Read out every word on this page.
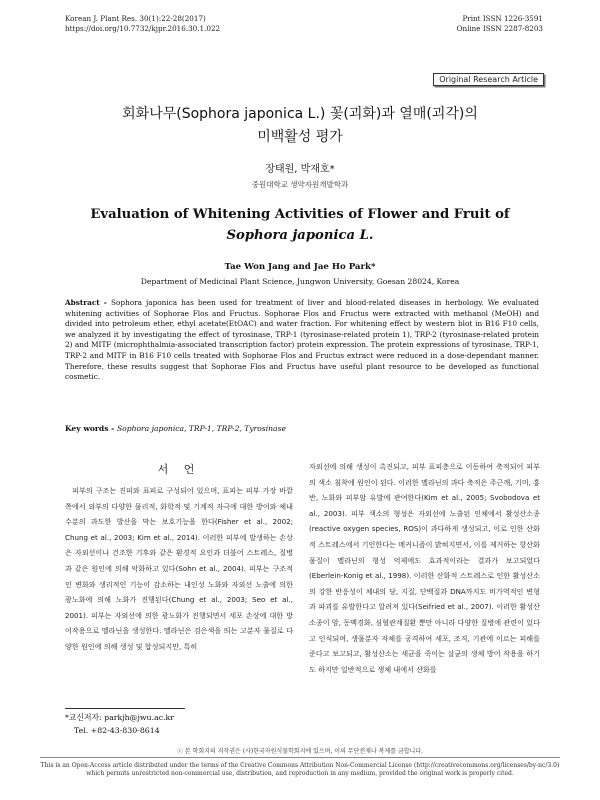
Korean J. Plant Res. 30(1):22-28(2017)
https://doi.org/10.7732/kjpr.2016.30.1.022
Print ISSN 1226-3591
Online ISSN 2287-8203
Original Research Article
회화나무(Sophora japonica L.) 꽃(괴화)과 열매(괴각)의
미백활성 평가
장태원, 박재호*
중원대학교 생약자원개발학과
Evaluation of Whitening Activities of Flower and Fruit of
Sophora japonica L.
Tae Won Jang and Jae Ho Park*
Department of Medicinal Plant Science, Jungwon University, Goesan 28024, Korea
Abstract - Sophora japonica has been used for treatment of liver and blood-related diseases in herbology. We evaluated whitening activities of Sophorae Flos and Fructus. Sophorae Flos and Fructus were extracted with methanol (MeOH) and divided into petroleum ether, ethyl acetate(EtOAC) and water fraction. For whitening effect by western blot in B16 F10 cells, we analyzed it by investigating the effect of tyrosinase, TRP-1 (tyrosinase-related protein 1), TRP-2 (tyrosinase-related protein 2) and MITF (microphthalmia-associated transcription factor) protein expression. The protein expressions of tyrosinase, TRP-1, TRP-2 and MITF in B16 F10 cells treated with Sophorae Flos and Fructus extract were reduced in a dose-dependant manner. Therefore, these results suggest that Sophorae Flos and Fructus have useful plant resource to be developed as functional cosmetic.
Key words - Sophora japonica, TRP-1, TRP-2, Tyrosinase
서 언

피부의 구조는 진피와 표피로 구성되어 있으며, 표피는 피부 가장 바깥쪽에서 외부의 다양한 물리적, 화학적 및 기계적 자극에 대한 방어와 체내 수분의 과도한 발산을 막는 보호기능을 한다(Fisher et al., 2002; Chung et al., 2003; Kim et al., 2014). 이러한 피부에 발생하는 손상은 자외선이나 건조한 기후와 같은 환경적 요인과 더불어 스트레스, 질병과 같은 원인에 의해 악화하고 있다(Sohn et al., 2004). 피부는 구조적인 변화와 생리적인 기능이 감소하는 내인성 노화와 자외선 노출에 의한 광노화에 의해 노화가 진행된다(Chung et al., 2003; Seo et al., 2001). 피부는 자외선에 의한 광노화가 진행되면서 세포 손상에 대한 방어작용으로 멜라닌을 생성한다. 멜라닌은 검은색을 띄는 고분자 물질로 다양한 원인에 의해 생성 및 합성되지만, 특히

자외선에 의해 생성이 촉진되고, 피부 표피층으로 이동하여 축적되어 피부의 색소 침착에 원인이 된다. 이러한 멜라닌의 과다 축적은 주근깨, 기미, 홍반, 노화와 피부암 유발에 관여한다(Kim et al., 2005; Svobodova et al., 2003). 피부 색소의 형성은 자외선에 노출된 인체에서 활성산소종(reactive oxygen species, ROS)이 과다하게 생성되고, 이로 인한 산화적 스트레스에서 기인한다는 메커니즘이 밝혀지면서, 이를 제거하는 항산화 물질이 멜라닌의 형성 억제에도 효과적이라는 결과가 보고되었다(Eberlein-Konig et al., 1998). 이러한 산화적 스트레스로 인한 활성산소의 강한 반응성이 체내의 당, 지질, 단백질과 DNA까지도 비가역적인 변형과 파괴를 유발한다고 알려져 있다(Seifried et al., 2007). 이러한 활성산소종이 암, 동맥경화, 심혈관계질환 뿐만 아니라 다양한 질병에 관련이 있다고 인식되며, 생물분자 자체를 공격하여 세포, 조직, 기관에 이르는 피해를 준다고 보고되고, 활성산소는 세균을 죽이는 살균의 생체 방어 작용을 하기도 하지만 일반적으로 생체 내에서 산화를

*교신저자: parkjh@jwu.ac.kr
Tel. +82-43-830-8614
ⓒ 본 학회지의 저작권은 (사)한국자원식물학회지에 있으며, 이의 무단전재나 복제를 금합니다.
This is an Open-Access article distributed under the terms of the Creative Commons Attribution Non-Commercial License (http://creativecommons.org/licenses/by-nc/3.0) which permits unrestricted non-commercial use, distribution, and reproduction in any medium, provided the original work is properly cited.
